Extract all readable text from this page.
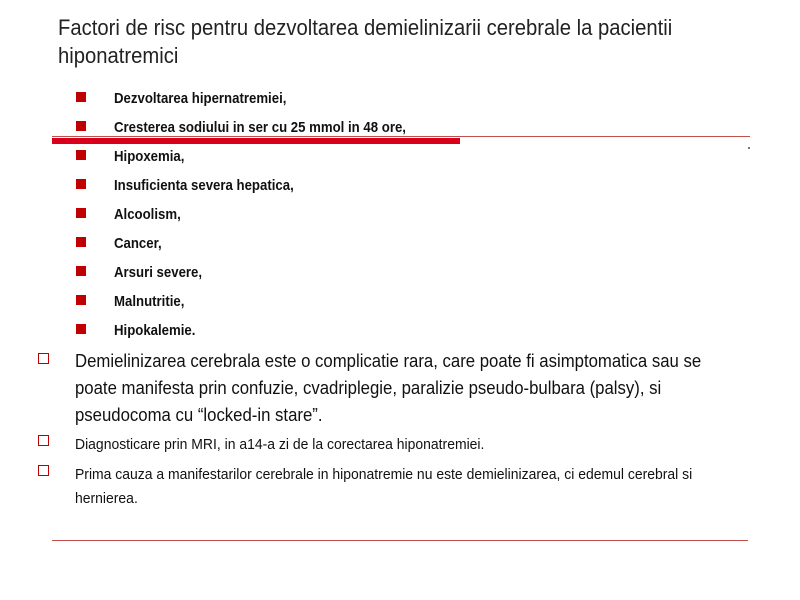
Factori de risc pentru dezvoltarea demielinizarii cerebrale la pacientii hiponatremici
Dezvoltarea hipernatremiei,
Cresterea sodiului in ser cu 25 mmol in 48 ore,
Hipoxemia,
Insuficienta severa hepatica,
Alcoolism,
Cancer,
Arsuri severe,
Malnutritie,
Hipokalemie.
Demielinizarea cerebrala este o complicatie rara, care poate fi asimptomatica sau se poate manifesta prin confuzie, cvadriplegie, paralizie pseudo-bulbara (palsy), si pseudocoma cu “locked-in stare”.
Diagnosticare prin MRI, in a14-a zi de la corectarea hiponatremiei.
Prima cauza a manifestarilor cerebrale in hiponatremie nu este demielinizarea, ci edemul cerebral si hernierea.
